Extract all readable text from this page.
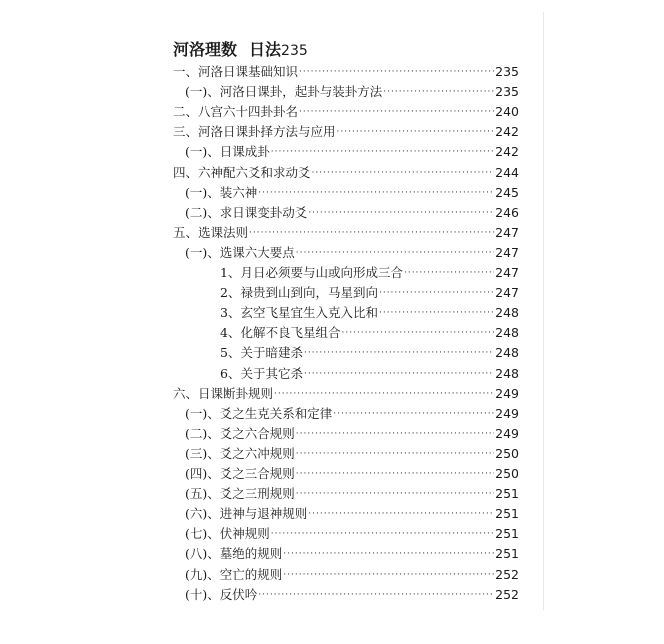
河洛理数 日法235
一、河洛日课基础知识 ·····	235
(一)、河洛日课卦，起卦与装卦方法 ·····	235
二、八宫六十四卦卦名 ·····	240
三、河洛日课卦择方法与应用 ·····	242
(一)、日课成卦 ·····	242
四、六神配六爻和求动爻 ·····	244
(一)、装六神 ·····	245
(二)、求日课变卦动爻 ·····	246
五、选课法则 ·····	247
(一)、选课六大要点 ·····	247
1、月日必须要与山或向形成三合 ·····	247
2、禄贵到山到向，马星到向 ·····	247
3、玄空飞星宜生入克入比和 ·····	248
4、化解不良飞星组合 ·····	248
5、关于暗建杀 ·····	248
6、关于其它杀 ·····	248
六、日课断卦规则 ·····	249
(一)、爻之生克关系和定律 ·····	249
(二)、爻之六合规则 ·····	249
(三)、爻之六冲规则 ·····	250
(四)、爻之三合规则 ·····	250
(五)、爻之三刑规则 ·····	251
(六)、进神与退神规则 ·····	251
(七)、伏神规则 ·····	251
(八)、墓绝的规则 ·····	251
(九)、空亡的规则 ·····	252
(十)、反伏吟 ·····	252
